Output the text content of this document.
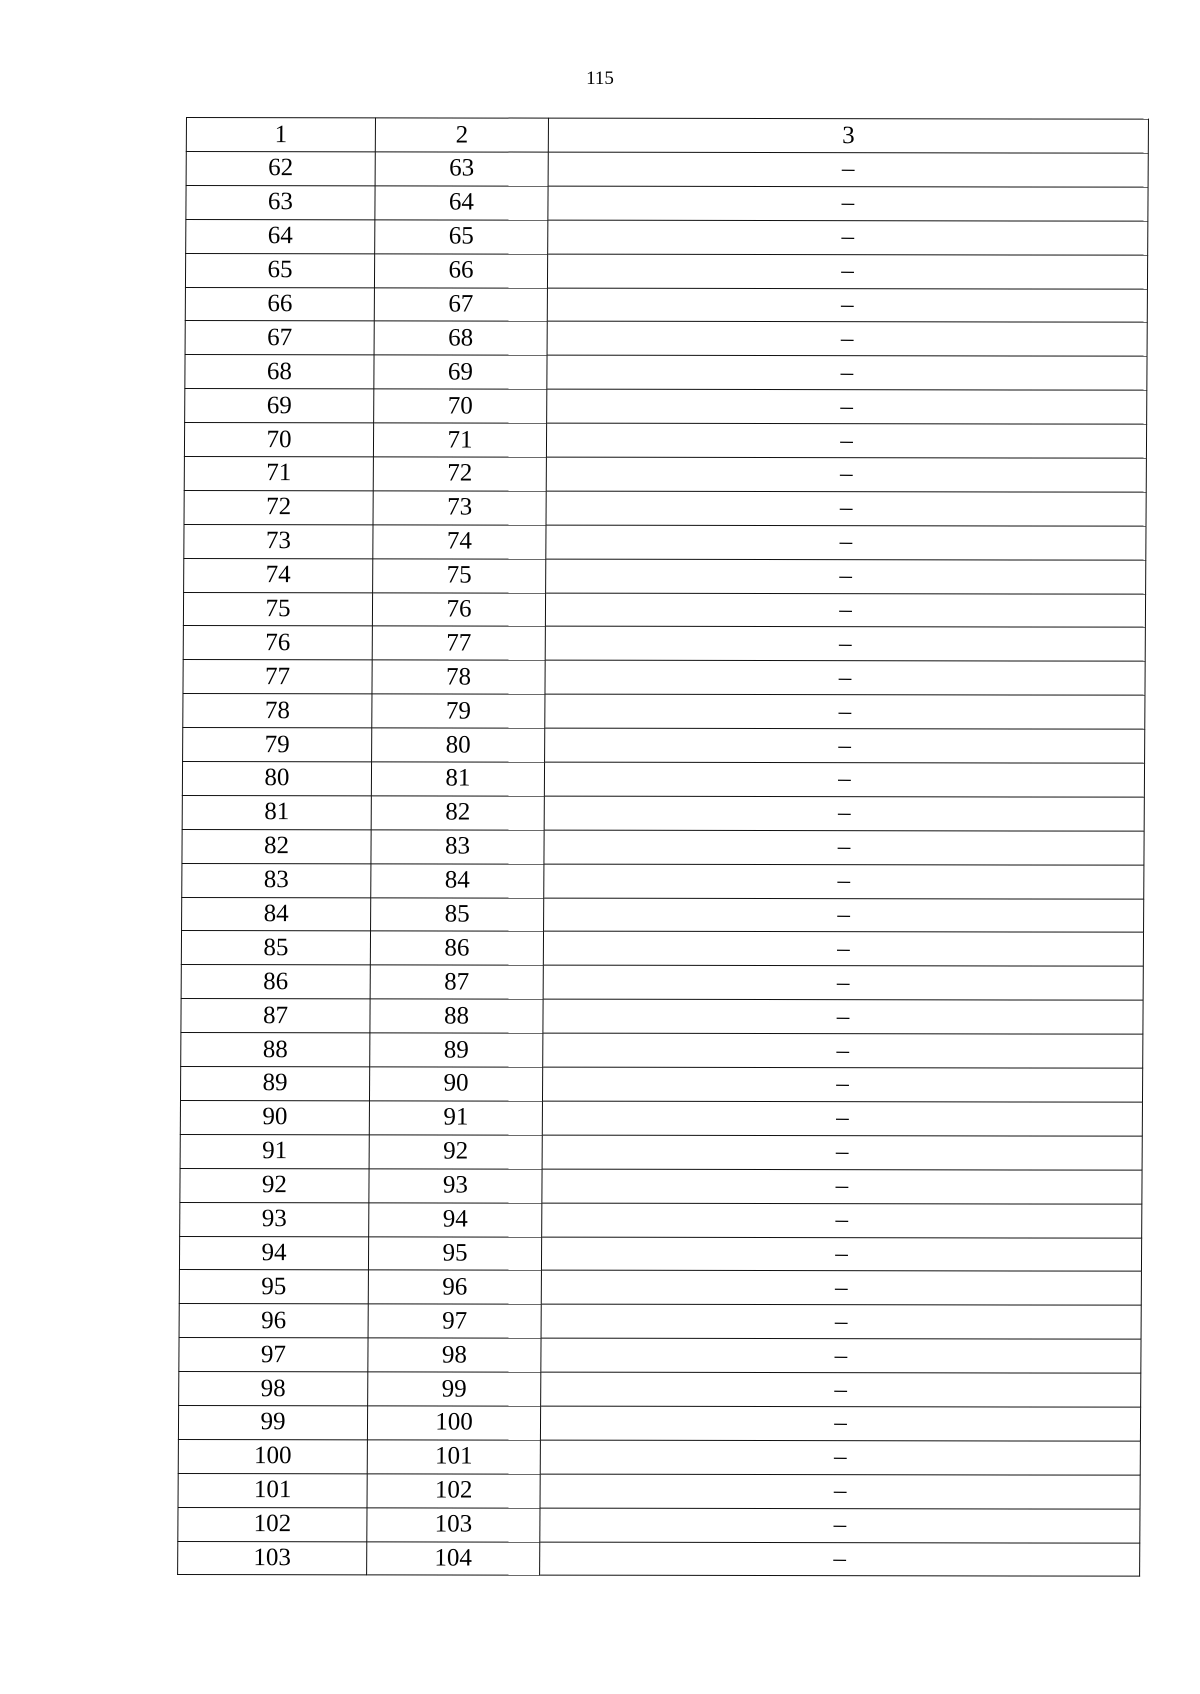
115
1	2	3
62	63	–
63	64	–
64	65	–
65	66	–
66	67	–
67	68	–
68	69	–
69	70	–
70	71	–
71	72	–
72	73	–
73	74	–
74	75	–
75	76	–
76	77	–
77	78	–
78	79	–
79	80	–
80	81	–
81	82	–
82	83	–
83	84	–
84	85	–
85	86	–
86	87	–
87	88	–
88	89	–
89	90	–
90	91	–
91	92	–
92	93	–
93	94	–
94	95	–
95	96	–
96	97	–
97	98	–
98	99	–
99	100	–
100	101	–
101	102	–
102	103	–
103	104	–
